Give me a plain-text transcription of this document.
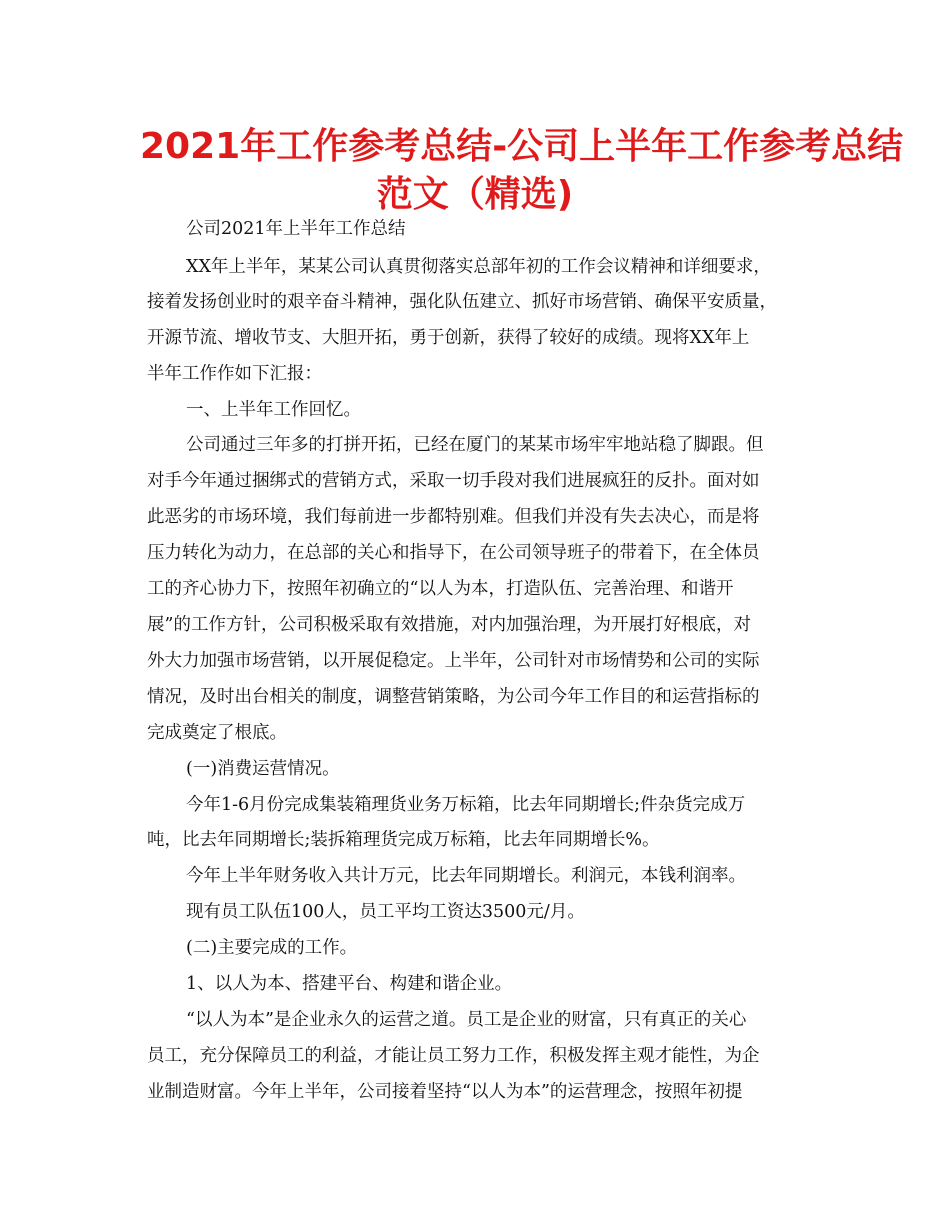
2021年工作参考总结-公司上半年工作参考总结
范文（精选)
公司2021年上半年工作总结
XX年上半年，某某公司认真贯彻落实总部年初的工作会议精神和详细要求，
接着发扬创业时的艰辛奋斗精神，强化队伍建立、抓好市场营销、确保平安质量，
开源节流、增收节支、大胆开拓，勇于创新，获得了较好的成绩。现将XX年上
半年工作作如下汇报：
一、上半年工作回忆。
公司通过三年多的打拼开拓，已经在厦门的某某市场牢牢地站稳了脚跟。但
对手今年通过捆绑式的营销方式，采取一切手段对我们进展疯狂的反扑。面对如
此恶劣的市场环境，我们每前进一步都特别难。但我们并没有失去决心，而是将
压力转化为动力，在总部的关心和指导下，在公司领导班子的带着下，在全体员
工的齐心协力下，按照年初确立的“以人为本，打造队伍、完善治理、和谐开
展”的工作方针，公司积极采取有效措施，对内加强治理，为开展打好根底，对
外大力加强市场营销，以开展促稳定。上半年，公司针对市场情势和公司的实际
情况，及时出台相关的制度，调整营销策略，为公司今年工作目的和运营指标的
完成奠定了根底。
(一)消费运营情况。
今年1-6月份完成集装箱理货业务万标箱，比去年同期增长;件杂货完成万
吨，比去年同期增长;装拆箱理货完成万标箱，比去年同期增长%。
今年上半年财务收入共计万元，比去年同期增长。利润元，本钱利润率。
现有员工队伍100人，员工平均工资达3500元/月。
(二)主要完成的工作。
1、以人为本、搭建平台、构建和谐企业。
“以人为本”是企业永久的运营之道。员工是企业的财富，只有真正的关心
员工，充分保障员工的利益，才能让员工努力工作，积极发挥主观才能性，为企
业制造财富。今年上半年，公司接着坚持“以人为本”的运营理念，按照年初提
